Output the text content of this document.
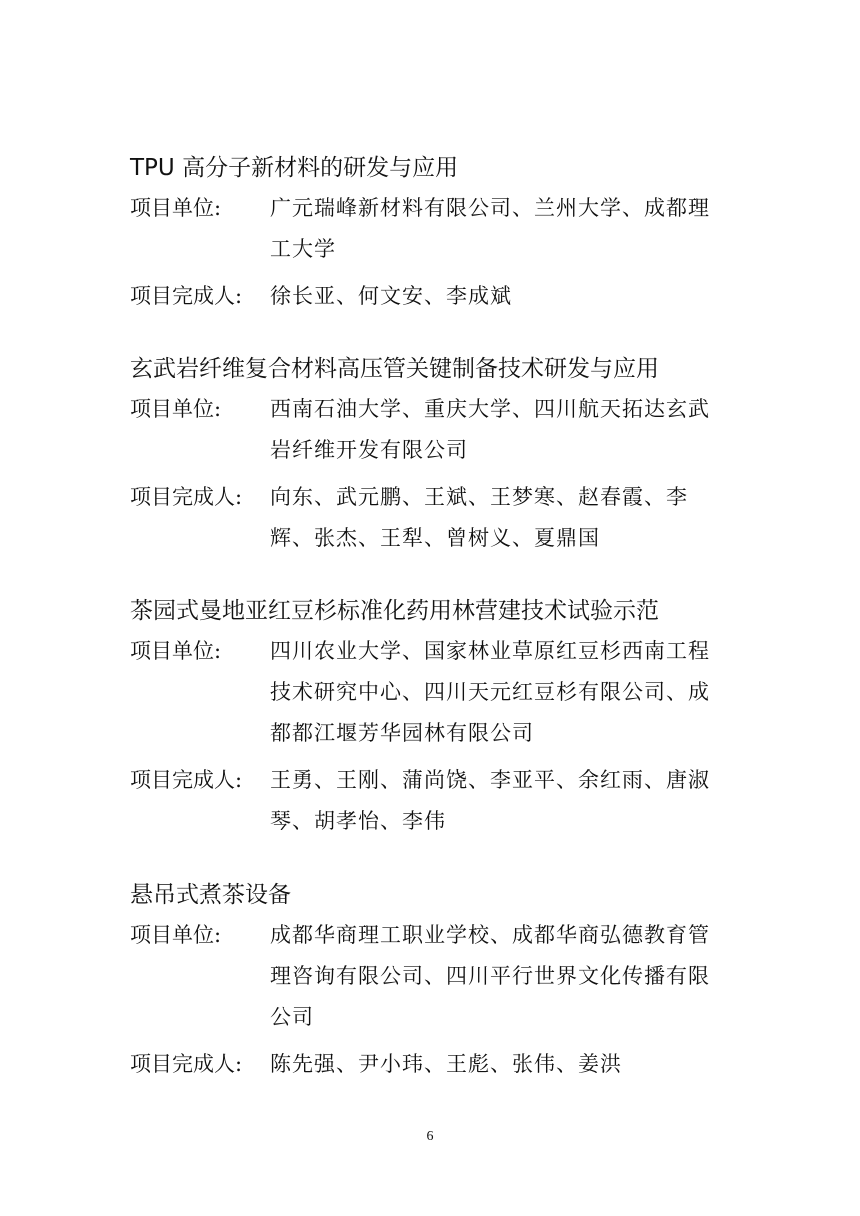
TPU 高分子新材料的研发与应用
项目单位:	广元瑞峰新材料有限公司、兰州大学、成都理工大学
项目完成人:	徐长亚、何文安、李成斌
玄武岩纤维复合材料高压管关键制备技术研发与应用
项目单位:	西南石油大学、重庆大学、四川航天拓达玄武岩纤维开发有限公司
项目完成人:	向东、武元鹏、王斌、王梦寒、赵春霞、李辉、张杰、王犁、曾树义、夏鼎国
茶园式曼地亚红豆杉标准化药用林营建技术试验示范
项目单位:	四川农业大学、国家林业草原红豆杉西南工程技术研究中心、四川天元红豆杉有限公司、成都都江堰芳华园林有限公司
项目完成人:	王勇、王刚、蒲尚饶、李亚平、余红雨、唐淑琴、胡孝怡、李伟
悬吊式煮茶设备
项目单位:	成都华商理工职业学校、成都华商弘德教育管理咨询有限公司、四川平行世界文化传播有限公司
项目完成人:	陈先强、尹小玮、王彪、张伟、姜洪
6
